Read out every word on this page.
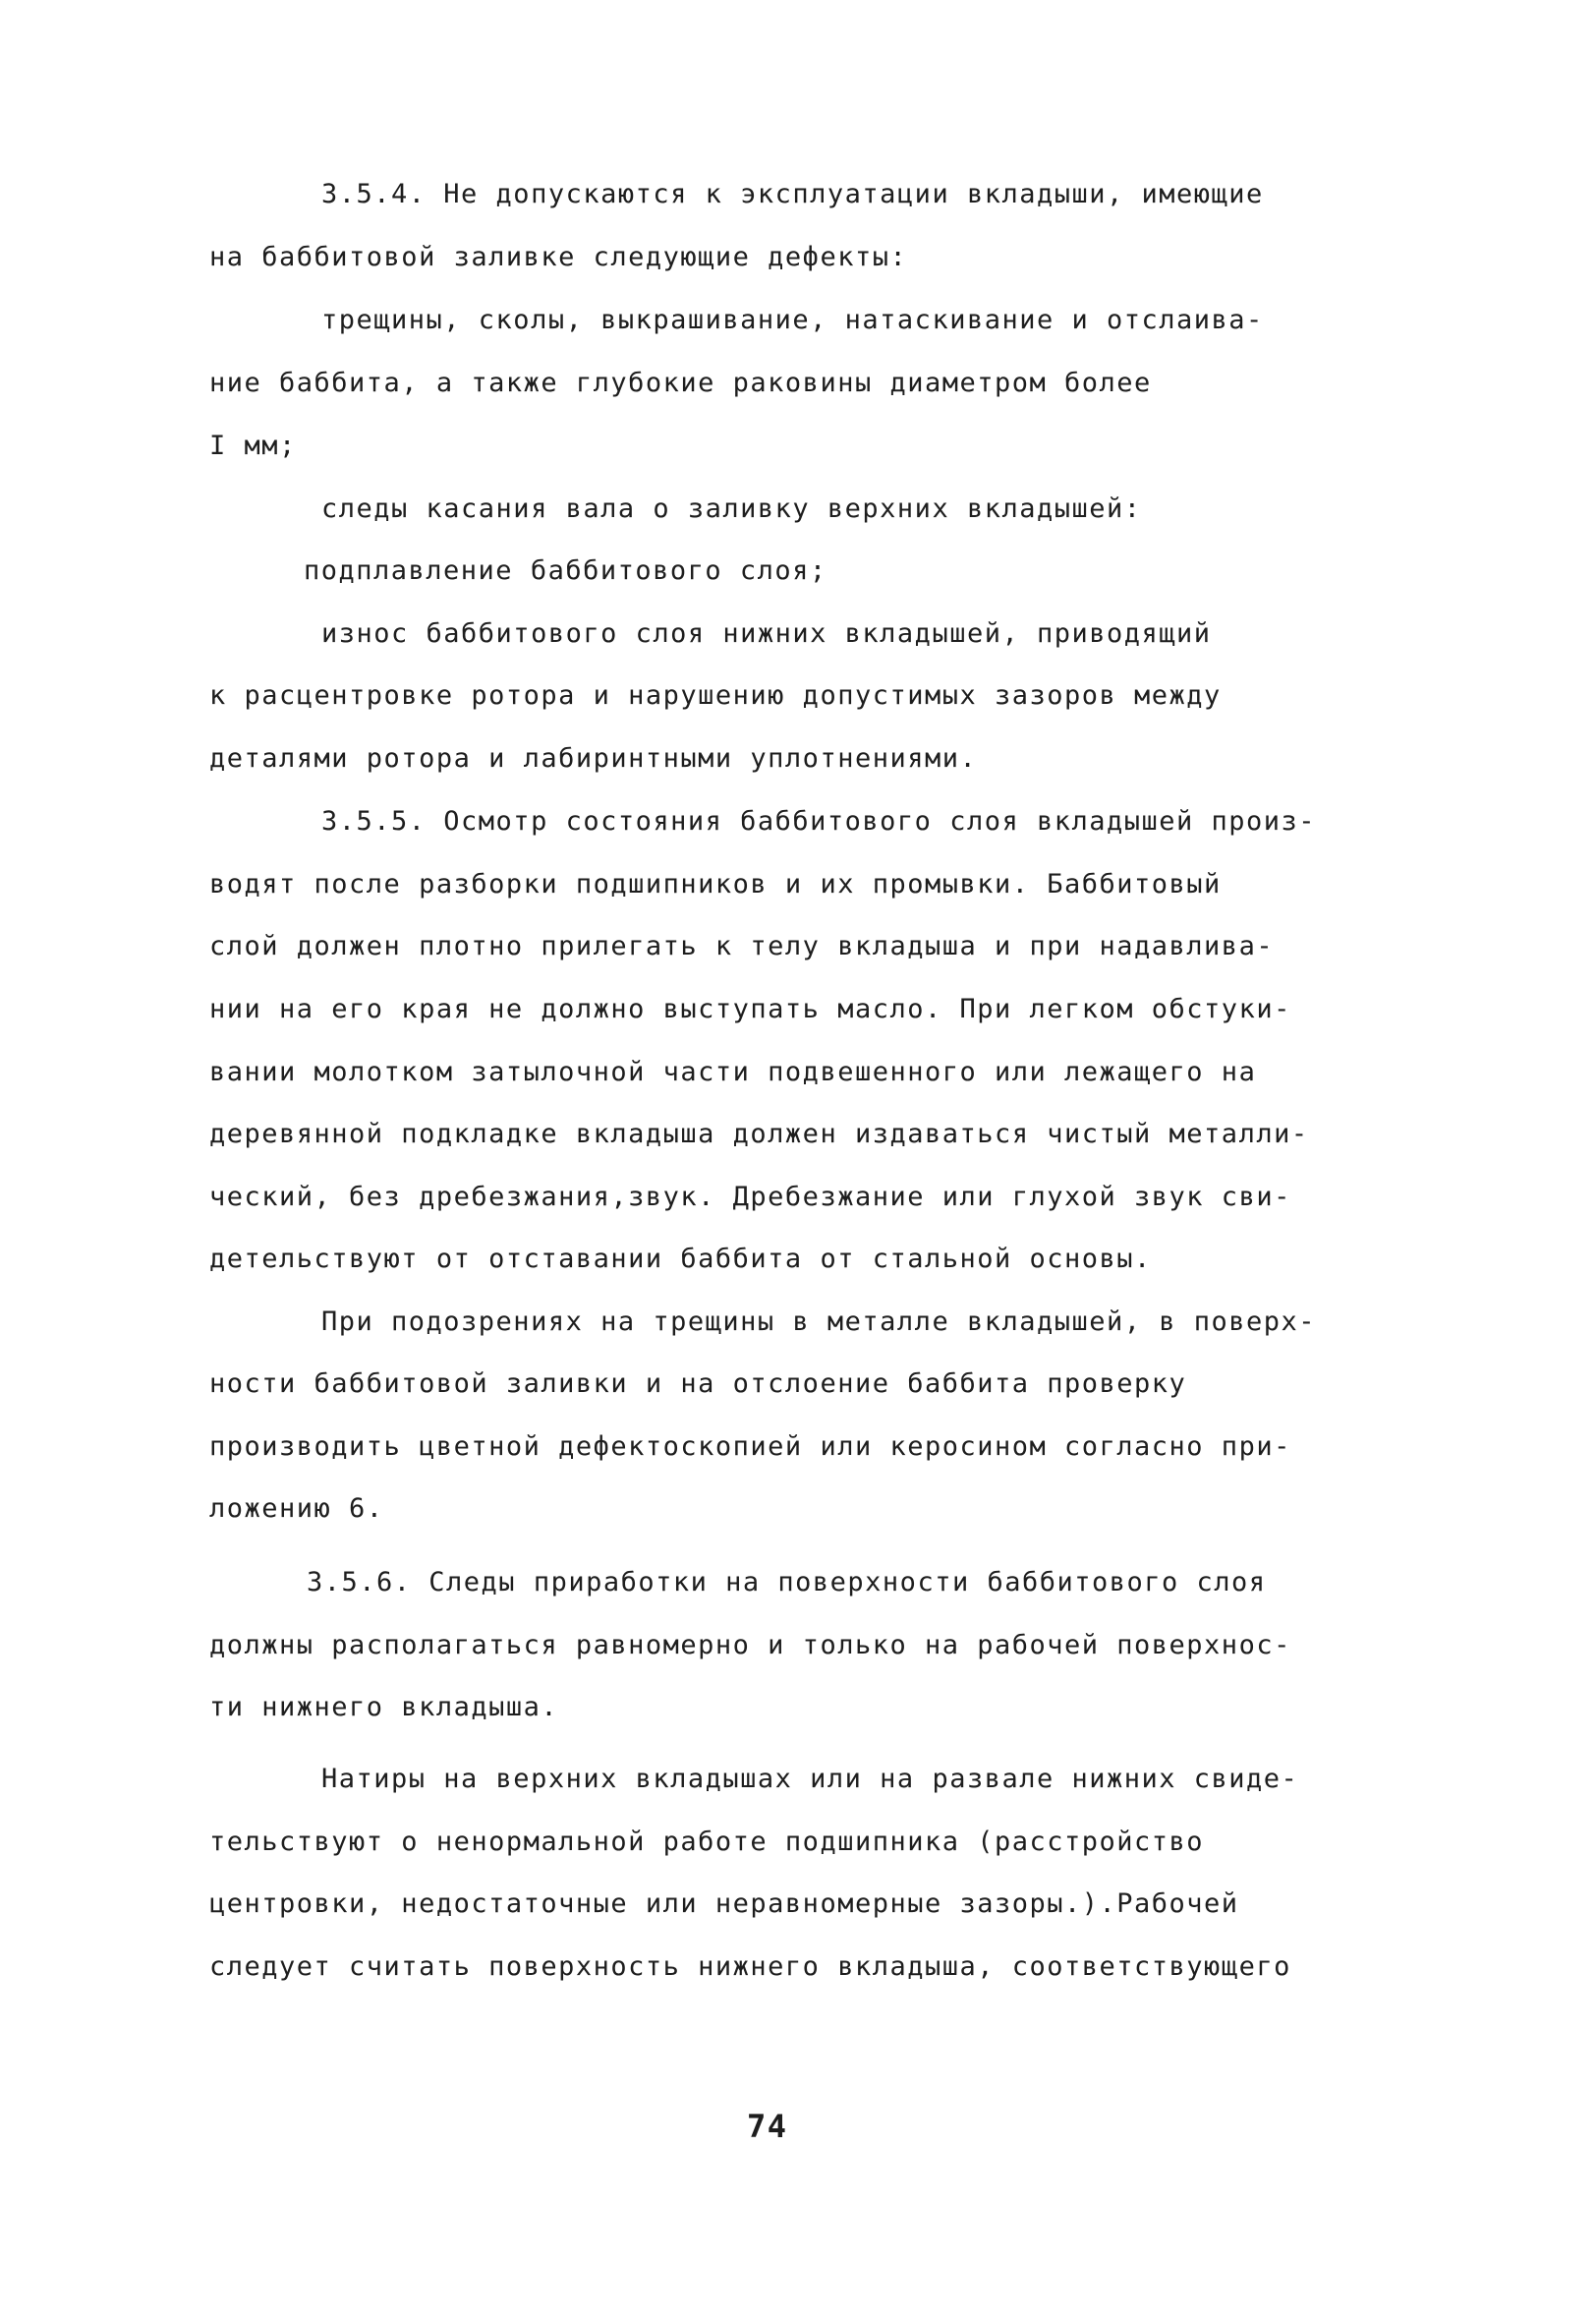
3.5.4. Не допускаются к эксплуатации вкладыши, имеющие
на баббитовой заливке следующие дефекты:
трещины, сколы, выкрашивание, натаскивание и отслаива-
ние баббита, а также глубокие раковины диаметром более
I мм;
следы касания вала о заливку верхних вкладышей:
подплавление баббитового слоя;
износ баббитового слоя нижних вкладышей, приводящий
к расцентровке ротора и нарушению допустимых зазоров между
деталями ротора и лабиринтными уплотнениями.
3.5.5. Осмотр состояния баббитового слоя вкладышей произ-
водят после разборки подшипников и их промывки. Баббитовый
слой должен плотно прилегать к телу вкладыша и при надавлива-
нии на его края не должно выступать масло. При легком обстуки-
вании молотком затылочной части подвешенного или лежащего на
деревянной подкладке вкладыша должен издаваться чистый металли-
ческий, без дребезжания,звук. Дребезжание или глухой звук сви-
детельствуют от отставании баббита от стальной основы.
При подозрениях на трещины в металле вкладышей, в поверх-
ности баббитовой заливки и на отслоение баббита проверку
производить цветной дефектоскопией или керосином согласно при-
ложению 6.
3.5.6. Следы приработки на поверхности баббитового слоя
должны располагаться равномерно и только на рабочей поверхнос-
ти нижнего вкладыша.
Натиры на верхних вкладышах или на развале нижних свиде-
тельствуют о ненормальной работе подшипника (расстройство
центровки, недостаточные или неравномерные зазоры.).Рабочей
следует считать поверхность нижнего вкладыша, соответствующего
74
